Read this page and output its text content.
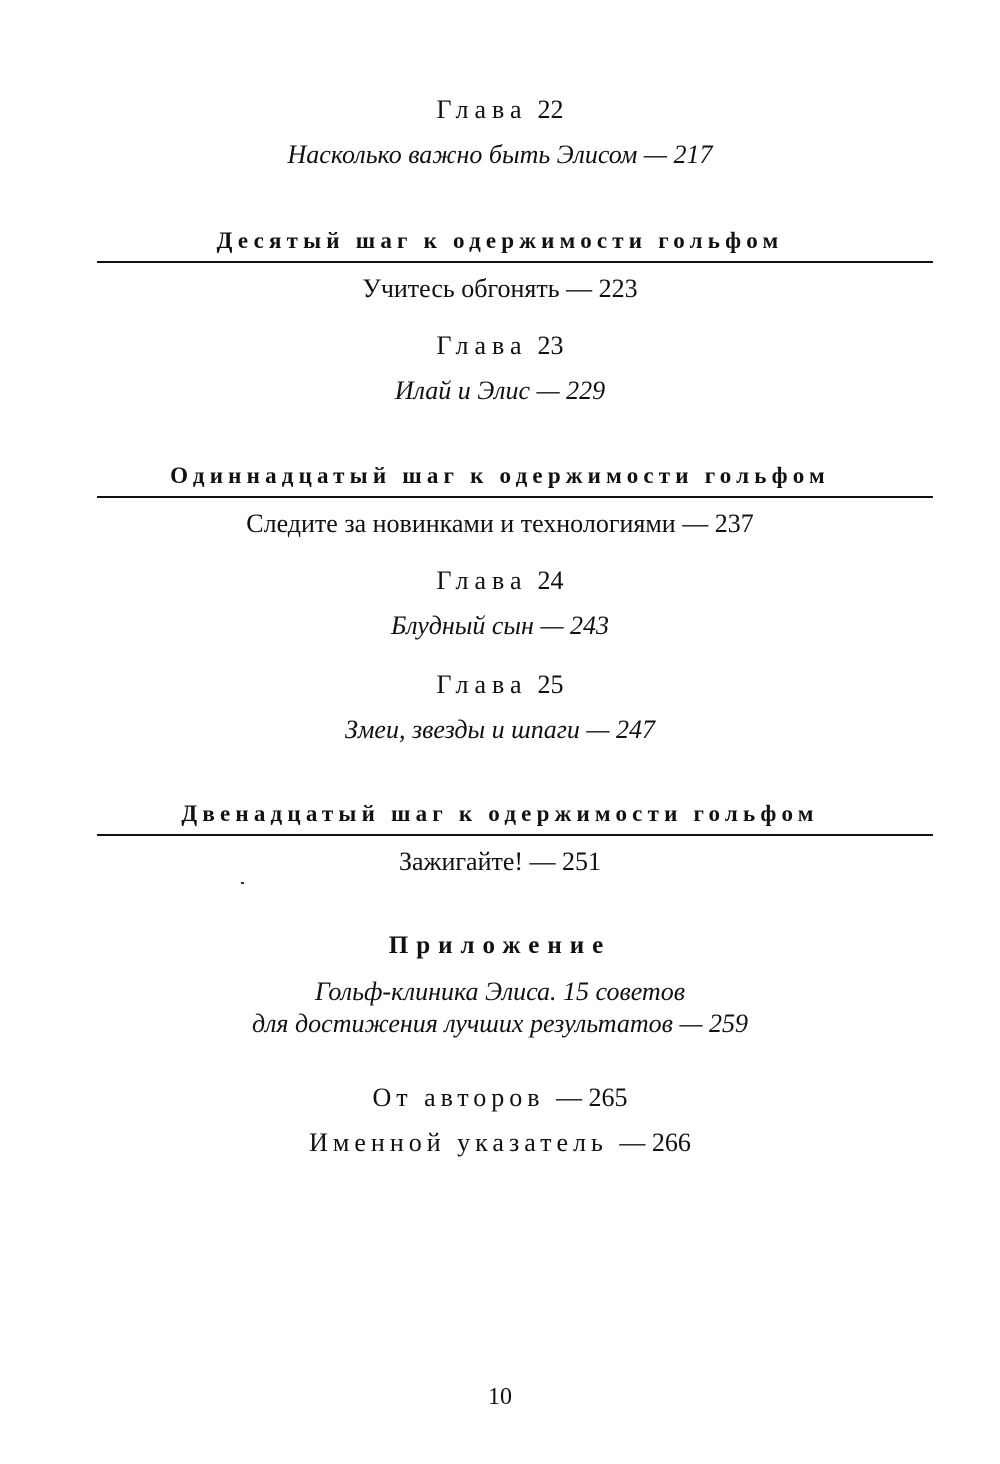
Глава 22
Насколько важно быть Элисом — 217
Десятый шаг к одержимости гольфом
Учитесь обгонять — 223
Глава 23
Илай и Элис — 229
Одиннадцатый шаг к одержимости гольфом
Следите за новинками и технологиями — 237
Глава 24
Блудный сын — 243
Глава 25
Змеи, звезды и шпаги — 247
Двенадцатый шаг к одержимости гольфом
Зажигайте! — 251
Приложение
Гольф-клиника Элиса. 15 советов
для достижения лучших результатов — 259
От авторов — 265
Именной указатель — 266
10
